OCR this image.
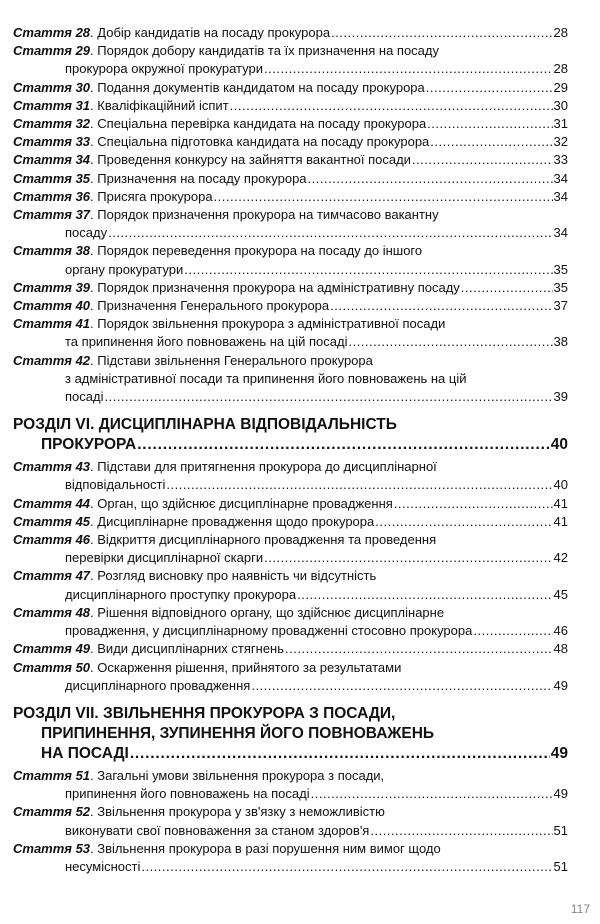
Стаття 28 . Добір кандидатів на посаду прокурора .....	28
Стаття 29 . Порядок добору кандидатів та їх призначення на посаду
прокурора окружної прокуратури .....	28
Стаття 30 . Подання документів кандидатом на посаду прокурора .....	29
Стаття 31 . Кваліфікаційний іспит .....	30
Стаття 32 . Спеціальна перевірка кандидата на посаду прокурора .....	31
Стаття 33 . Спеціальна підготовка кандидата на посаду прокурора .....	32
Стаття 34 . Проведення конкурсу на зайняття вакантної посади .....	33
Стаття 35 . Призначення на посаду прокурора .....	34
Стаття 36 . Присяга прокурора .....	34
Стаття 37 . Порядок призначення прокурора на тимчасово вакантну
посаду .....	34
Стаття 38 . Порядок переведення прокурора на посаду до іншого
органу прокуратури .....	35
Стаття 39 . Порядок призначення прокурора на адміністративну посаду .....	35
Стаття 40 . Призначення Генерального прокурора .....	37
Стаття 41 . Порядок звільнення прокурора з адміністративної посади
та припинення його повноважень на цій посаді .....	38
Стаття 42 . Підстави звільнення Генерального прокурора
з адміністративної посади та припинення його повноважень на цій
посаді .....	39
РОЗДІЛ VI. ДИСЦИПЛІНАРНА ВІДПОВІДАЛЬНІСТЬ
ПРОКУРОРА .....	40
Стаття 43 . Підстави для притягнення прокурора до дисциплінарної
відповідальності .....	40
Стаття 44 . Орган, що здійснює дисциплінарне провадження .....	41
Стаття 45 . Дисциплінарне провадження щодо прокурора .....	41
Стаття 46 . Відкриття дисциплінарного провадження та проведення
перевірки дисциплінарної скарги .....	42
Стаття 47 . Розгляд висновку про наявність чи відсутність
дисциплінарного проступку прокурора .....	45
Стаття 48 . Рішення відповідного органу, що здійснює дисциплінарне
провадження, у дисциплінарному провадженні стосовно прокурора .....	46
Стаття 49 . Види дисциплінарних стягнень .....	48
Стаття 50 . Оскарження рішення, прийнятого за результатами
дисциплінарного провадження .....	49
РОЗДІЛ VII. ЗВІЛЬНЕННЯ ПРОКУРОРА З ПОСАДИ,
ПРИПИНЕННЯ, ЗУПИНЕННЯ ЙОГО ПОВНОВАЖЕНЬ
НА ПОСАДІ .....	49
Стаття 51 . Загальні умови звільнення прокурора з посади,
припинення його повноважень на посаді .....	49
Стаття 52 . Звільнення прокурора у зв'язку з неможливістю
виконувати свої повноваження за станом здоров'я .....	51
Стаття 53 . Звільнення прокурора в разі порушення ним вимог щодо
несумісності .....	51
117
